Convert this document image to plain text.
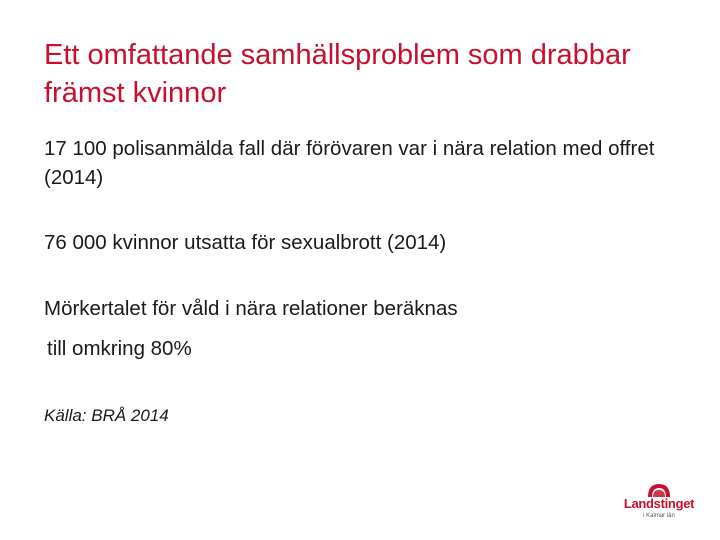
Ett omfattande samhällsproblem som drabbar främst kvinnor

17 100 polisanmälda fall där förövaren var i nära relation med offret (2014)

76 000 kvinnor utsatta för sexualbrott (2014)

Mörkertalet för våld i nära relationer beräknas

till omkring 80%

Källa: BRÅ 2014

Landstinget
i Kalmar län
